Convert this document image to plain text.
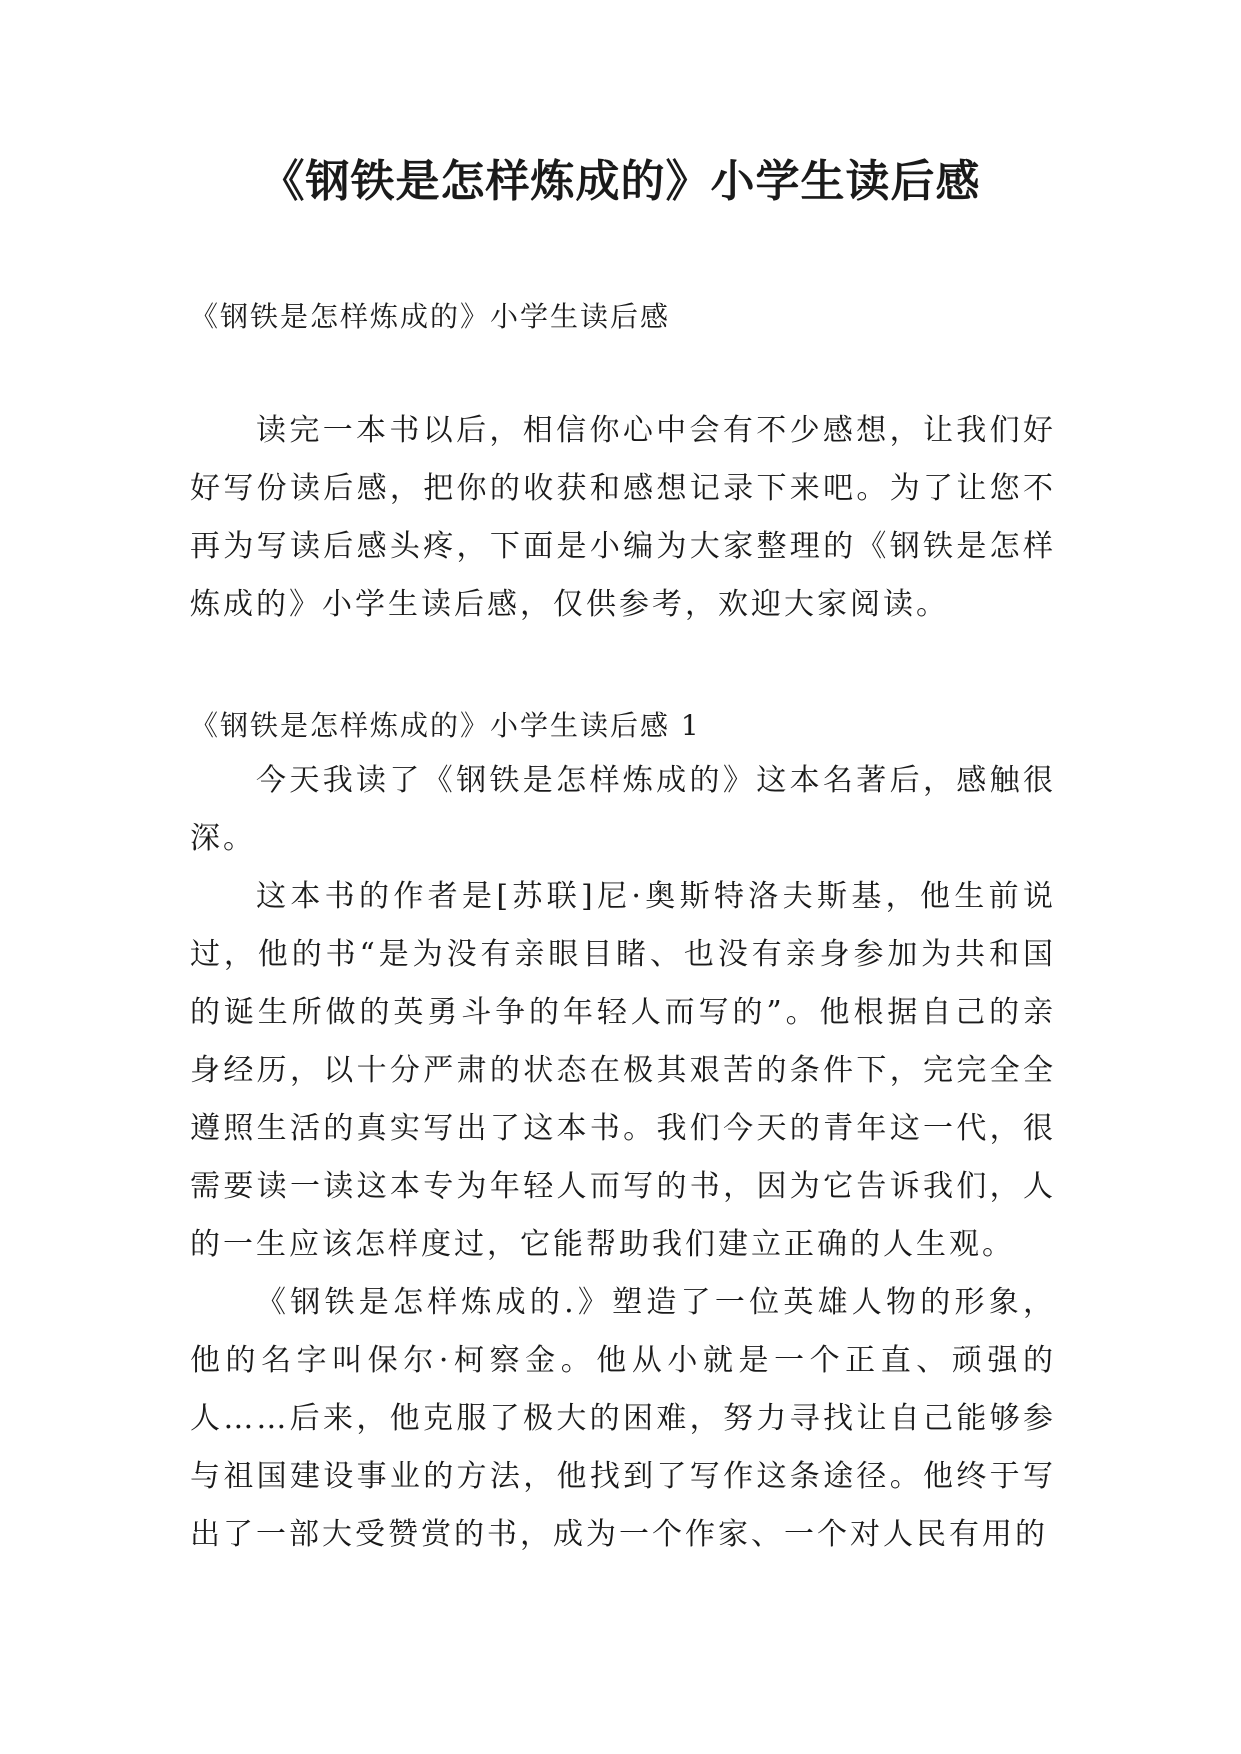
《钢铁是怎样炼成的》小学生读后感
《钢铁是怎样炼成的》小学生读后感

读完一本书以后，相信你心中会有不少感想，让我们好好写份读后感，把你的收获和感想记录下来吧。为了让您不再为写读后感头疼，下面是小编为大家整理的《钢铁是怎样炼成的》小学生读后感，仅供参考，欢迎大家阅读。

《钢铁是怎样炼成的》小学生读后感 1

今天我读了《钢铁是怎样炼成的》这本名著后，感触很深。

这本书的作者是[苏联]尼·奥斯特洛夫斯基，他生前说过，他的书“是为没有亲眼目睹、也没有亲身参加为共和国的诞生所做的英勇斗争的年轻人而写的”。他根据自己的亲身经历，以十分严肃的状态在极其艰苦的条件下，完完全全遵照生活的真实写出了这本书。我们今天的青年这一代，很需要读一读这本专为年轻人而写的书，因为它告诉我们，人的一生应该怎样度过，它能帮助我们建立正确的人生观。

《钢铁是怎样炼成的.》塑造了一位英雄人物的形象，他的名字叫保尔·柯察金。他从小就是一个正直、顽强的人……后来，他克服了极大的困难，努力寻找让自己能够参与祖国建设事业的方法，他找到了写作这条途径。他终于写出了一部大受赞赏的书，成为一个作家、一个对人民有用的
